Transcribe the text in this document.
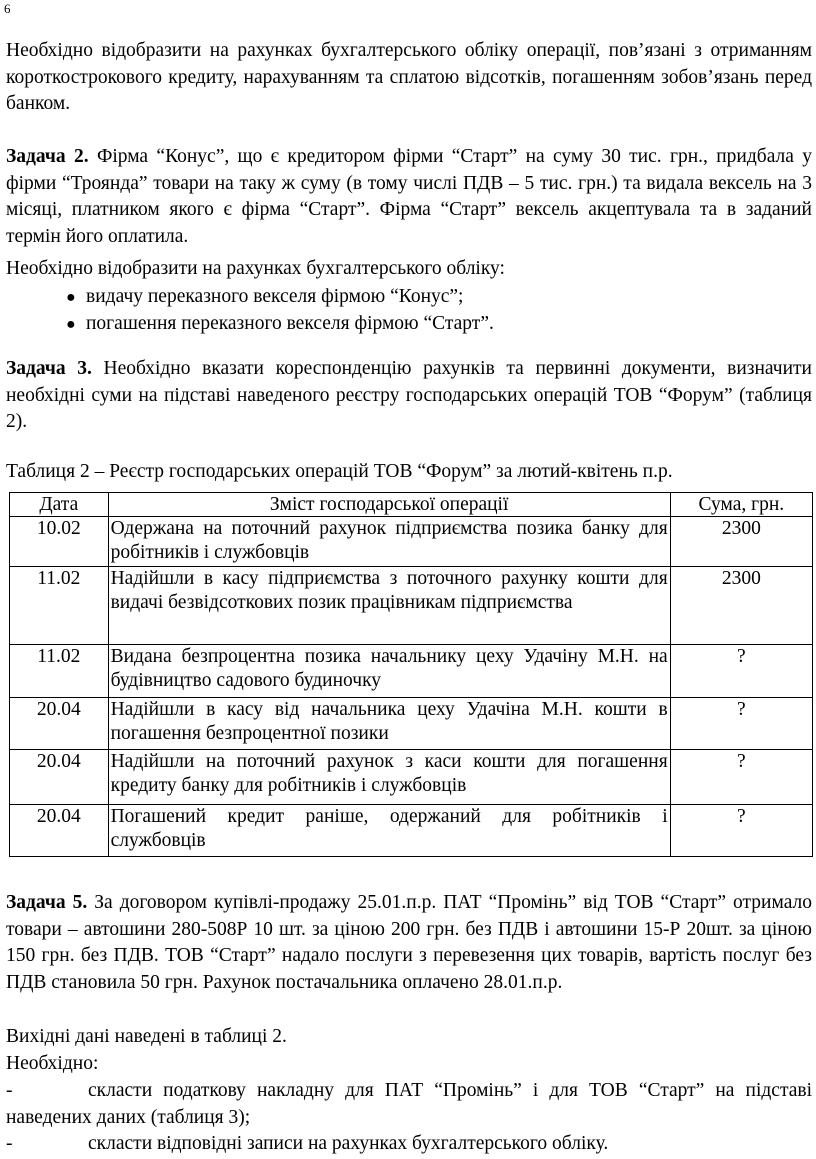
6

Необхідно відобразити на рахунках бухгалтерського обліку операції, пов’язані з отриманням короткострокового кредиту, нарахуванням та сплатою відсотків, погашенням зобов’язань перед банком.

Задача 2. Фірма “Конус”, що є кредитором фірми “Старт” на суму 30 тис. грн., придбала у фірми “Троянда” товари на таку ж суму (в тому числі ПДВ – 5 тис. грн.) та видала вексель на 3 місяці, платником якого є фірма “Старт”. Фірма “Старт” вексель акцептувала та в заданий термін його оплатила.

Необхідно відобразити на рахунках бухгалтерського обліку:
● видачу переказного векселя фірмою “Конус”;
● погашення переказного векселя фірмою “Старт”.

Задача 3. Необхідно вказати кореспонденцію рахунків та первинні документи, визначити необхідні суми на підставі наведеного реєстру господарських операцій ТОВ “Форум” (таблиця 2).

Таблиця 2 – Реєстр господарських операцій ТОВ “Форум” за лютий-квітень п.р.
Дата	Зміст господарської операції	Сума, грн.
10.02	Одержана на поточний рахунок підприємства позика банку для робітників і службовців	2300
11.02	Надійшли в касу підприємства з поточного рахунку кошти для видачі безвідсоткових позик працівникам підприємства	2300
11.02	Видана безпроцентна позика начальнику цеху Удачіну М.Н. на будівництво садового будиночку	?
20.04	Надійшли в касу від начальника цеху Удачіна М.Н. кошти в погашення безпроцентної позики	?
20.04	Надійшли на поточний рахунок з каси кошти для погашення кредиту банку для робітників і службовців	?
20.04	Погашений кредит раніше, одержаний для робітників і службовців	?

Задача 5. За договором купівлі-продажу 25.01.п.р. ПАТ “Промінь” від ТОВ “Старт” отримало товари – автошини 280-508Р 10 шт. за ціною 200 грн. без ПДВ і автошини 15-Р 20шт. за ціною 150 грн. без ПДВ. ТОВ “Старт” надало послуги з перевезення цих товарів, вартість послуг без ПДВ становила 50 грн. Рахунок постачальника оплачено 28.01.п.р.

Вихідні дані наведені в таблиці 2.
Необхідно:

-	скласти податкову накладну для ПАТ “Промінь” і для ТОВ “Старт” на підставі наведених даних (таблиця 3);

-	скласти відповідні записи на рахунках бухгалтерського обліку.
